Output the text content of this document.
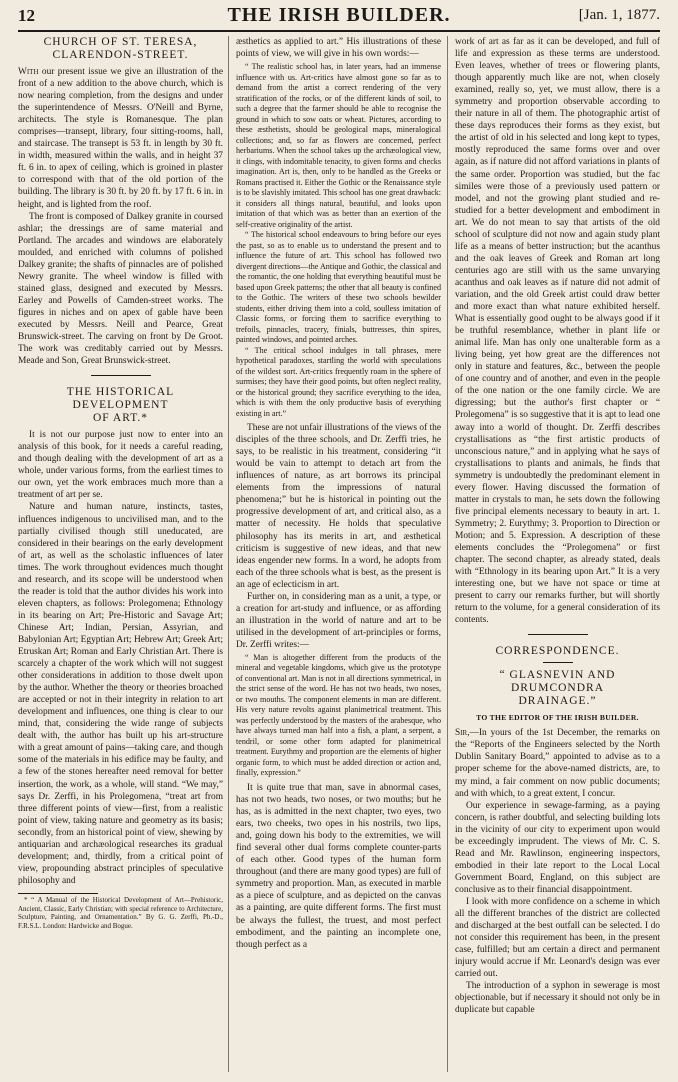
12	THE IRISH BUILDER.	[Jan. 1, 1877.
CHURCH OF ST. TERESA,
CLARENDON-STREET.

With our present issue we give an illustration of the front of a new addition to the above church, which is now nearing completion, from the designs and under the superintendence of Messrs. O'Neill and Byrne, architects. The style is Romanesque. The plan comprises—transept, library, four sitting-rooms, hall, and staircase. The transept is 53 ft. in length by 30 ft. in width, measured within the walls, and in height 37 ft. 6 in. to apex of ceiling, which is groined in plaster to correspond with that of the old portion of the building. The library is 30 ft. by 20 ft. by 17 ft. 6 in. in height, and is lighted from the roof.

The front is composed of Dalkey granite in coursed ashlar; the dressings are of same material and Portland. The arcades and windows are elaborately moulded, and enriched with columns of polished Dalkey granite; the shafts of pinnacles are of polished Newry granite. The wheel window is filled with stained glass, designed and executed by Messrs. Earley and Powells of Camden-street works. The figures in niches and on apex of gable have been executed by Messrs. Neill and Pearce, Great Brunswick-street. The carving on front by De Groot. The work was creditably carried out by Messrs. Meade and Son, Great Brunswick-street.

THE HISTORICAL DEVELOPMENT
OF ART.*

It is not our purpose just now to enter into an analysis of this book, for it needs a careful reading, and though dealing with the development of art as a whole, under various forms, from the earliest times to our own, yet the work embraces much more than a treatment of art per se.

Nature and human nature, instincts, tastes, influences indigenous to uncivilised man, and to the partially civilised though still uneducated, are considered in their bearings on the early development of art, as well as the scholastic influences of later times. The work throughout evidences much thought and research, and its scope will be understood when the reader is told that the author divides his work into eleven chapters, as follows: Prolegomena; Ethnology in its bearing on Art; Pre-Historic and Savage Art; Chinese Art; Indian, Persian, Assyrian, and Babylonian Art; Egyptian Art; Hebrew Art; Greek Art; Etruskan Art; Roman and Early Christian Art. There is scarcely a chapter of the work which will not suggest other considerations in addition to those dwelt upon by the author. Whether the theory or theories broached are accepted or not in their integrity in relation to art development and influences, one thing is clear to our mind, that, considering the wide range of subjects dealt with, the author has built up his art-structure with a great amount of pains—taking care, and though some of the materials in his edifice may be faulty, and a few of the stones hereafter need removal for better insertion, the work, as a whole, will stand. “We may,” says Dr. Zerffi, in his Prolegomena, “treat art from three different points of view—first, from a realistic point of view, taking nature and geometry as its basis; secondly, from an historical point of view, shewing by antiquarian and archæological researches its gradual development; and, thirdly, from a critical point of view, propounding abstract principles of speculative philosophy and

* “ A Manual of the Historical Development of Art—Prehistoric, Ancient, Classic, Early Christian; with special reference to Architecture, Sculpture, Painting, and Ornamentation.” By G. G. Zerffi, Ph.-D., F.R.S.L. London: Hardwicke and Bogue.

æsthetics as applied to art.” His illustrations of these points of view, we will give in his own words:—

“ The realistic school has, in later years, had an immense influence with us. Art-critics have almost gone so far as to demand from the artist a correct rendering of the very stratification of the rocks, or of the different kinds of soil, to such a degree that the farmer should be able to recognise the ground in which to sow oats or wheat. Pictures, according to these æsthetists, should be geological maps, mineralogical collections; and, so far as flowers are concerned, perfect herbariums. When the school takes up the archæological view, it clings, with indomitable tenacity, to given forms and checks imagination. Art is, then, only to be handled as the Greeks or Romans practised it. Either the Gothic or the Renaissance style is to be slavishly imitated. This school has one great drawback: it considers all things natural, beautiful, and looks upon imitation of that which was as better than an exertion of the self-creative originality of the artist.

“ The historical school endeavours to bring before our eyes the past, so as to enable us to understand the present and to influence the future of art. This school has followed two divergent directions—the Antique and Gothic, the classical and the romantic, the one holding that everything beautiful must be based upon Greek patterns; the other that all beauty is confined to the Gothic. The writers of these two schools bewilder students, either driving them into a cold, soulless imitation of Classic forms, or forcing them to sacrifice everything to trefoils, pinnacles, tracery, finials, buttresses, thin spires, painted windows, and pointed arches.

“ The critical school indulges in tall phrases, mere hypothetical paradoxes, startling the world with speculations of the wildest sort. Art-critics frequently roam in the sphere of surmises; they have their good points, but often neglect reality, or the historical ground; they sacrifice everything to the idea, which is with them the only productive basis of everything existing in art.”

These are not unfair illustrations of the views of the disciples of the three schools, and Dr. Zerffi tries, he says, to be realistic in his treatment, considering “it would be vain to attempt to detach art from the influences of nature, as art borrows its principal elements from the impressions of natural phenomena;” but he is historical in pointing out the progressive development of art, and critical also, as a matter of necessity. He holds that speculative philosophy has its merits in art, and æsthetical criticism is suggestive of new ideas, and that new ideas engender new forms. In a word, he adopts from each of the three schools what is best, as the present is an age of eclecticism in art.

Further on, in considering man as a unit, a type, or a creation for art-study and influence, or as affording an illustration in the world of nature and art to be utilised in the development of art-principles or forms, Dr. Zerffi writes:—

“ Man is altogether different from the products of the mineral and vegetable kingdoms, which give us the prototype of conventional art. Man is not in all directions symmetrical, in the strict sense of the word. He has not two heads, two noses, or two mouths. The component elements in man are different. His very nature revolts against planimetrical treatment. This was perfectly understood by the masters of the arabesque, who have always turned man half into a fish, a plant, a serpent, a tendril, or some other form adapted for planimetrical treatment. Eurythmy and proportion are the elements of higher organic form, to which must be added direction or action and, finally, expression.”

It is quite true that man, save in abnormal cases, has not two heads, two noses, or two mouths; but he has, as is admitted in the next chapter, two eyes, two ears, two cheeks, two opes in his nostrils, two lips, and, going down his body to the extremities, we will find several other dual forms complete counter-parts of each other. Good types of the human form throughout (and there are many good types) are full of symmetry and proportion. Man, as executed in marble as a piece of sculpture, and as depicted on the canvas as a painting, are quite different forms. The first must be always the fullest, the truest, and most perfect embodiment, and the painting an incomplete one, though perfect as a

work of art as far as it can be developed, and full of life and expression as these terms are understood. Even leaves, whether of trees or flowering plants, though apparently much like are not, when closely examined, really so, yet, we must allow, there is a symmetry and proportion observable according to their nature in all of them. The photographic artist of these days reproduces their forms as they exist, but the artist of old in his selected and long kept to types, mostly reproduced the same forms over and over again, as if nature did not afford variations in plants of the same order. Proportion was studied, but the fac similes were those of a previously used pattern or model, and not the growing plant studied and re-studied for a better development and embodiment in art. We do not mean to say that artists of the old school of sculpture did not now and again study plant life as a means of better instruction; but the acanthus and the oak leaves of Greek and Roman art long centuries ago are still with us the same unvarying acanthus and oak leaves as if nature did not admit of variation, and the old Greek artist could draw better and more exact than what nature exhibited herself. What is essentially good ought to be always good if it be truthful resemblance, whether in plant life or animal life. Man has only one unalterable form as a living being, yet how great are the differences not only in stature and features, &c., between the people of one country and of another, and even in the people of the one nation or the one family circle. We are digressing; but the author's first chapter or “ Prolegomena” is so suggestive that it is apt to lead one away into a world of thought. Dr. Zerffi describes crystallisations as “the first artistic products of unconscious nature,” and in applying what he says of crystallisations to plants and animals, he finds that symmetry is undoubtedly the predominant element in every flower. Having discussed the formation of matter in crystals to man, he sets down the following five principal elements necessary to beauty in art. 1. Symmetry; 2. Eurythmy; 3. Proportion to Direction or Motion; and 5. Expression. A description of these elements concludes the “Prolegomena” or first chapter. The second chapter, as already stated, deals with “Ethnology in its bearing upon Art.” It is a very interesting one, but we have not space or time at present to carry our remarks further, but will shortly return to the volume, for a general consideration of its contents.

CORRESPONDENCE.
“ GLASNEVIN AND DRUMCONDRA
DRAINAGE.”
TO THE EDITOR OF THE IRISH BUILDER.

Sir,—In yours of the 1st December, the remarks on the “Reports of the Engineers selected by the North Dublin Sanitary Board,” appointed to advise as to a proper scheme for the above-named districts, are, to my mind, a fair comment on now public documents; and with which, to a great extent, I concur.

Our experience in sewage-farming, as a paying concern, is rather doubtful, and selecting building lots in the vicinity of our city to experiment upon would be exceedingly imprudent. The views of Mr. C. S. Read and Mr. Rawlinson, engineering inspectors, embodied in their late report to the Local Local Government Board, England, on this subject are conclusive as to their financial disappointment.

I look with more confidence on a scheme in which all the different branches of the district are collected and discharged at the best outfall can be selected. I do not consider this requirement has been, in the present case, fulfilled; but am certain a direct and permanent injury would accrue if Mr. Leonard's design was ever carried out.

The introduction of a syphon in sewerage is most objectionable, but if necessary it should not only be in duplicate but capable
